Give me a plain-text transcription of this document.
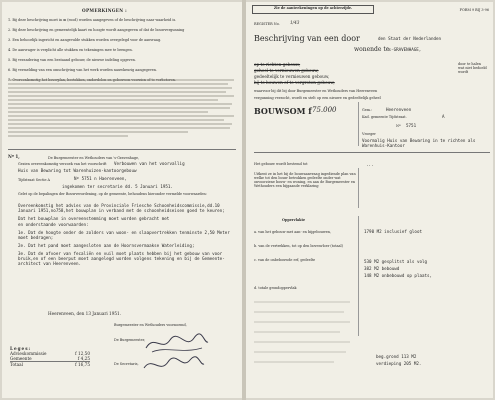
OPMERKINGEN :
1. Bij deze beschrijving moet in ⊠ (rood) worden aangegeven of de beschrijving naar waarheid is.
2. Bij deze beschrijving en gemeentelijk kaart en hoogte wordt aangegeven of dat de bouwvergunning
3. Een behoorlijk ingericht en aangevulde stukken worden overgelegd voor de aanvraag.
4. De aanvrager is verplicht alle stukken en tekeningen mee te brengen.
5. Bij verandering van een bestaand gebouw, de nieuwe indeling opgeven.
6. Bij vermelding van een omschrijving van het werk worden nauwkeurig aangegeven.
7. Overeenkomstig het bouwplan, bestekken, onderdelen en gebouwen voorzien of te verbeteren.
Nº 1,	De Burgemeester en Wethouders van 's-Gravenhage,
Gezien overeenkomstig verzoek van het voorschrift Verbouwen van het voorvallig
Huis van Bewaring tot Warenhuizen-kantoorgebouw
Tijdstraat Sectie A	Nº 5751 n Haerenveen,
ingekomen ter secretarie dd. 5 Januari 1951.
Gelet op de bepalingen der Bouwverordening, op de gemeente, behoudens hieronder vermelde voorwaarden:
Overeenkomstig het advies van de Provinciale Friesche Schoonheidscommissie,dd.10 Januari 1951,no758,het bouwplan in verband met de schoonheidseisen goed te keuren;
Dat het bouwplan in overeenstemming moet worden gebracht met
en onderstaande voorwaarden:
1e. Dat de hoogte onder de zolders van woon- en slaapvertrekken tenminste 2,50 Meter moet bedragen;
2e. Dat het pand moet aangesloten aan de Hoornsvermaakse Waterleiding;
3e. Dat de afvoer van fecaliën en vuil moet plaats hebben bij het gebouw van voor bruik,en of een beerput moet aangelegd worden volgens tekening en bij de Gemeente-architect van Heerenveen.
Heerenveen, den 13 Januari 1951.
Burgemeester en Wethouders voornoemd,
De Burgemeester,
De Secretaris,
Leges:
Advieskommissie	f 12,50
Gemeente	f 4,25
Totaal	f 16,75
Zie de aanteekeningen op de achterzijde.	FORM 9 BIJ 3-96
REGISTER No. 1/43
Beschrijving van een door	den Staat der Nederlanden
wonende te
's-GRAVENHAGE,
op te richten gebouw,
geheel te vernieuwen gebouw,
gedeeltelijk te vernieuwen gebouw,
bij te bouwen of te vergroten gebouw,
door te halen wat niet bedoeld wordt
waarvoor bij dit bij door Burgemeester en Wethouders van Heerenveen
vergunning verzocht, wordt en stelt op een nieuwe en gedeeltelijk geheel
BOUWSOM f 75.000	Gem.:	Heerenveen
Kad. gemeente Tijdstraat.	A
Nº 5751
Vroeger
Voormalig Huis van Bewaring in te richten als Warenhuis-Kantoor
Het gebouw wordt bestemd tot	...
Uitkent ze in het bij de bouwaanvraag ingediende plan van welke tot den bouw betrokken gedeelte onder wat onvoorziene bouw- en woning, en aan de Burgemeester en Wethouders een bijgaande verklaring
Oppervlakte
a. van het gebouw met aan- en bijgebouwen,	1790 M2 inclusief gloot
b. van de vertrekken, tot op den bovenvloer (totaal)
c. van de onbebouwde erf, gedeelte	530 M2 gesplitst als volg
382 M2 bebouwd
148 M2 onbebouwd op plaats,
d. totale grondoppervlak
beg.grond 113 M2
verdieping 205 M2.
